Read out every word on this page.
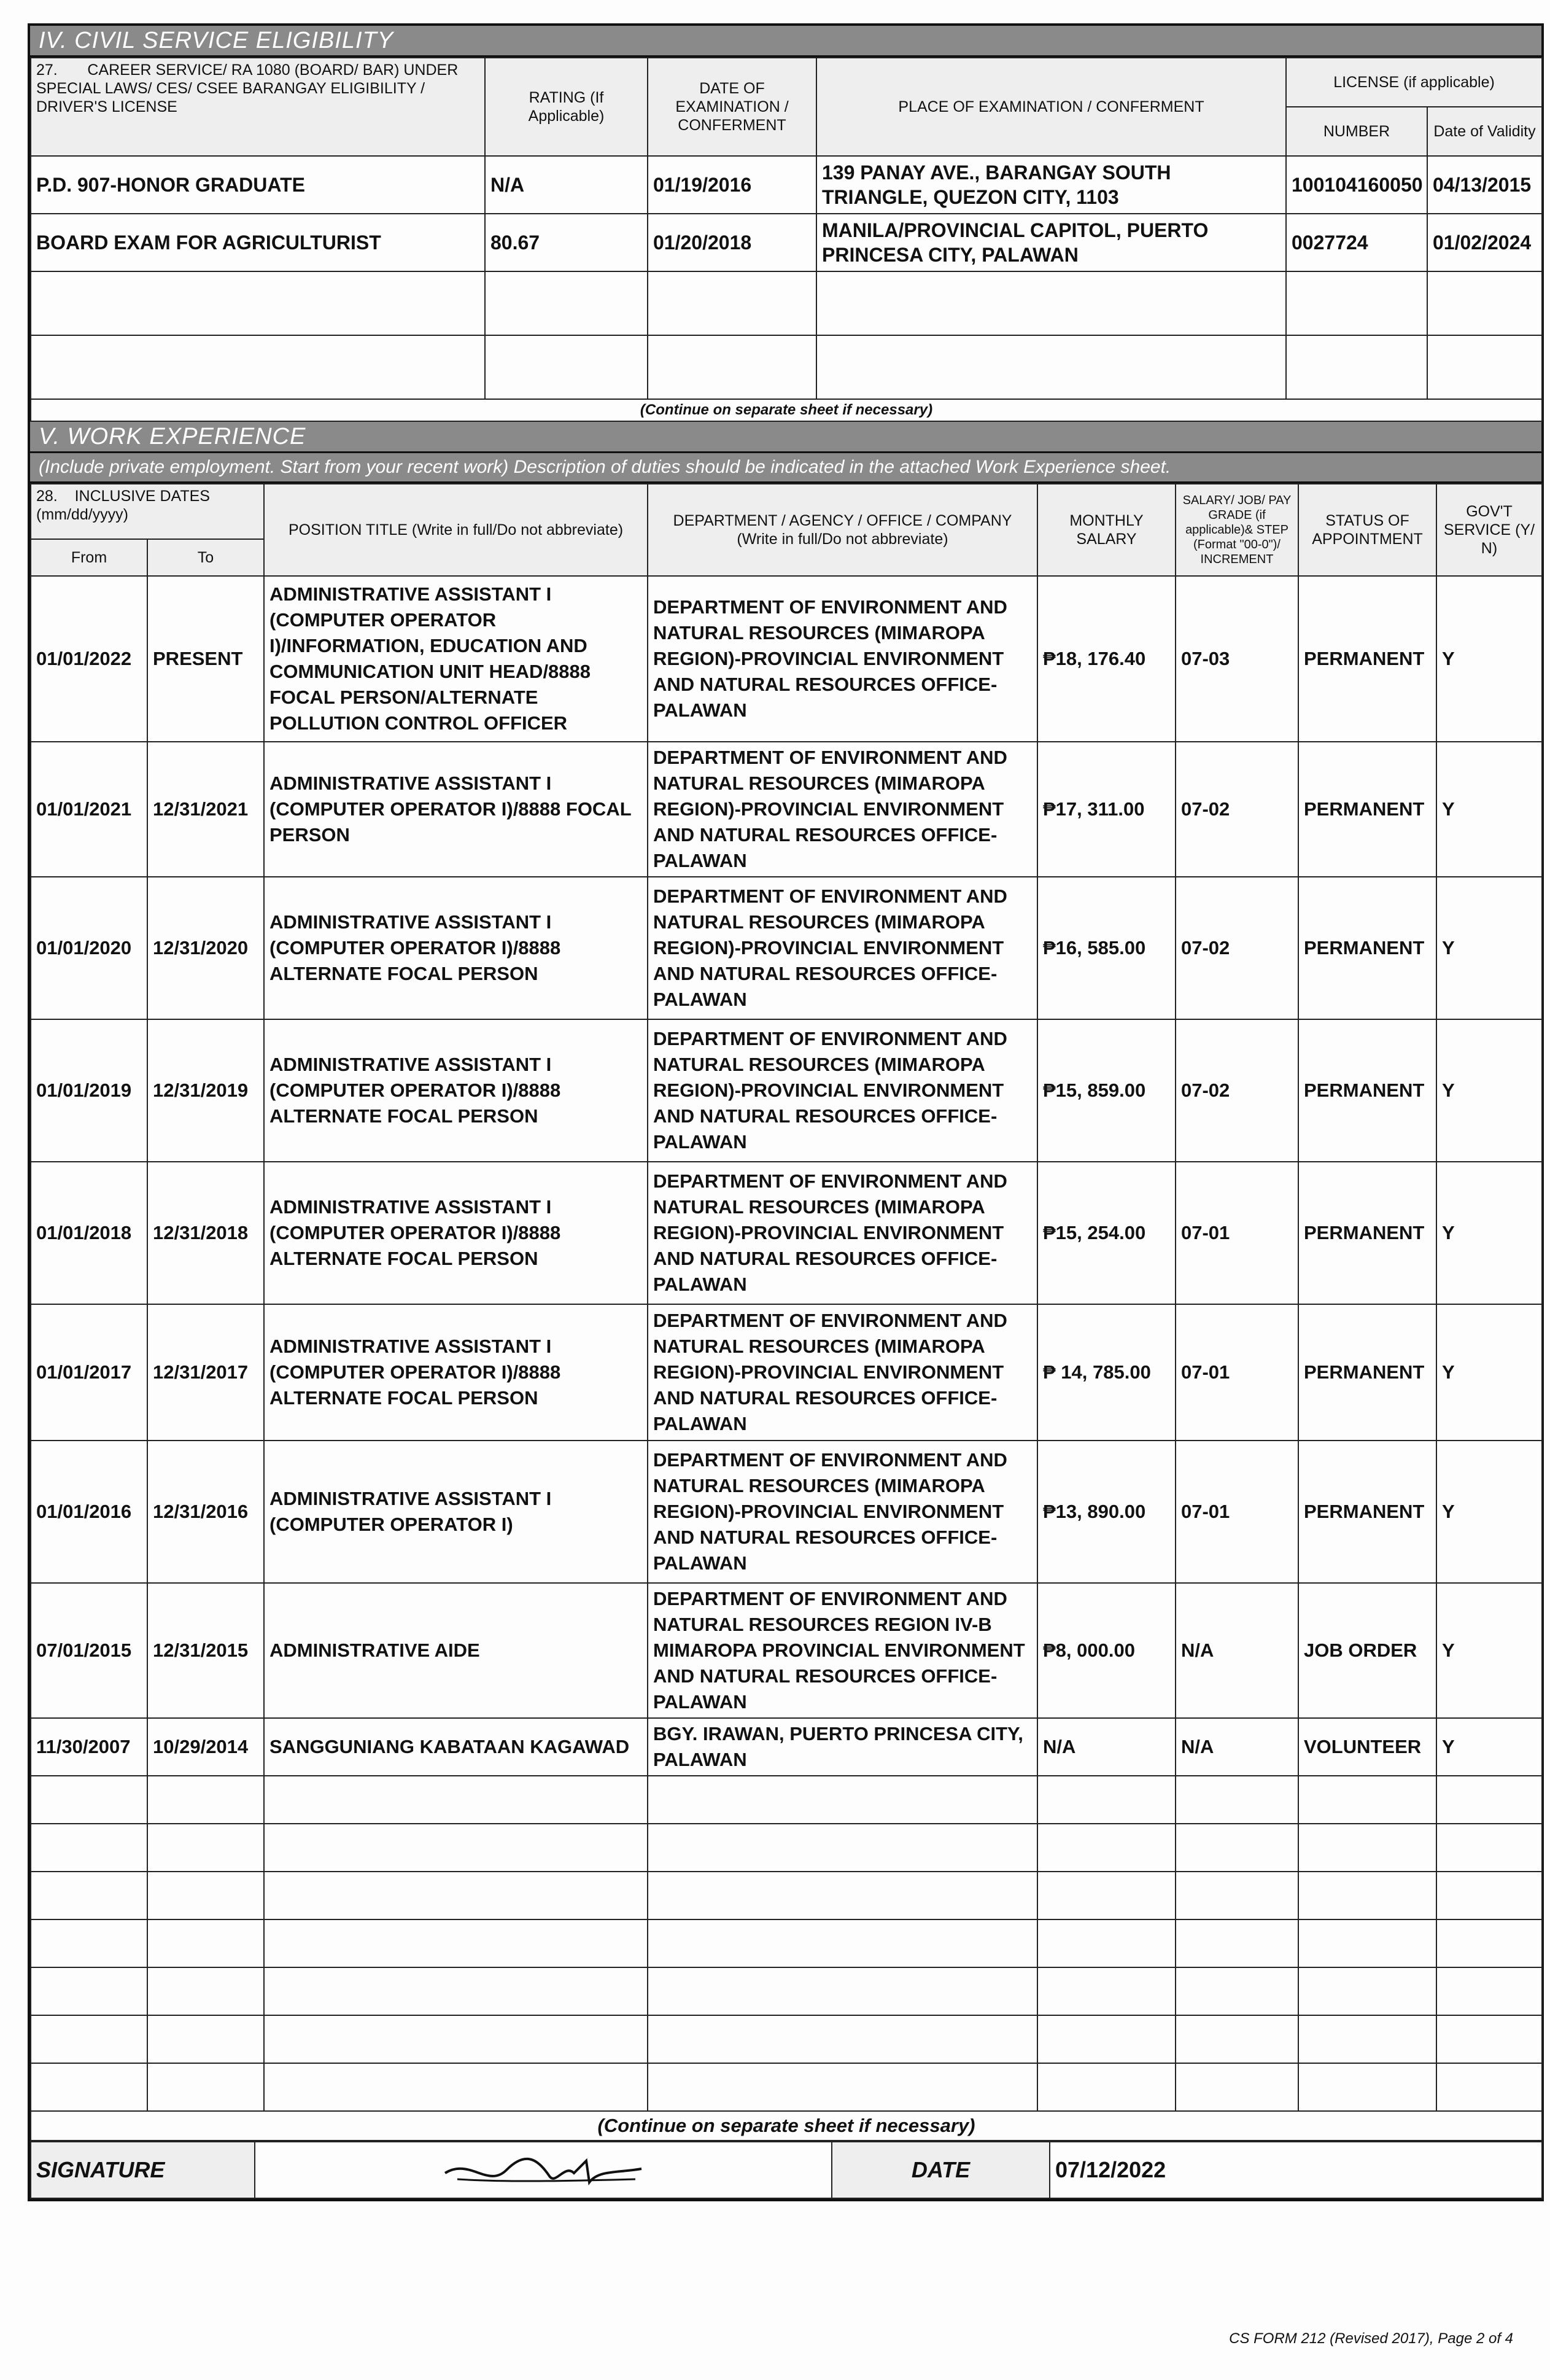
IV. CIVIL SERVICE ELIGIBILITY
27. CAREER SERVICE/ RA 1080 (BOARD/ BAR) UNDER SPECIAL LAWS/ CES/ CSEE BARANGAY ELIGIBILITY / DRIVER'S LICENSE	RATING (If Applicable)	DATE OF EXAMINATION / CONFERMENT	PLACE OF EXAMINATION / CONFERMENT	LICENSE (if applicable)	
				NUMBER	Date of Validity
P.D. 907-HONOR GRADUATE	N/A	01/19/2016	139 PANAY AVE., BARANGAY SOUTH TRIANGLE, QUEZON CITY, 1103	100104160050	04/13/2015
BOARD EXAM FOR AGRICULTURIST	80.67	01/20/2018	MANILA/PROVINCIAL CAPITOL, PUERTO PRINCESA CITY, PALAWAN	0027724	01/02/2024

(Continue on separate sheet if necessary)					
V. WORK EXPERIENCE
(Include private employment. Start from your recent work) Description of duties should be indicated in the attached Work Experience sheet.
28. INCLUSIVE DATES (mm/dd/yyyy)		POSITION TITLE (Write in full/Do not abbreviate)	DEPARTMENT / AGENCY / OFFICE / COMPANY (Write in full/Do not abbreviate)	MONTHLY SALARY	SALARY/ JOB/ PAY GRADE (if applicable)& STEP (Format "00-0")/ INCREMENT	STATUS OF APPOINTMENT	GOV'T SERVICE (Y/ N)
From	To						
01/01/2022	PRESENT	ADMINISTRATIVE ASSISTANT I (COMPUTER OPERATOR I)/INFORMATION, EDUCATION AND COMMUNICATION UNIT HEAD/8888 FOCAL PERSON/ALTERNATE POLLUTION CONTROL OFFICER	DEPARTMENT OF ENVIRONMENT AND NATURAL RESOURCES (MIMAROPA REGION)-PROVINCIAL ENVIRONMENT AND NATURAL RESOURCES OFFICE-PALAWAN	₱18, 176.40	07-03	PERMANENT	Y
01/01/2021	12/31/2021	ADMINISTRATIVE ASSISTANT I (COMPUTER OPERATOR I)/8888 FOCAL PERSON	DEPARTMENT OF ENVIRONMENT AND NATURAL RESOURCES (MIMAROPA REGION)-PROVINCIAL ENVIRONMENT AND NATURAL RESOURCES OFFICE-PALAWAN	₱17, 311.00	07-02	PERMANENT	Y
01/01/2020	12/31/2020	ADMINISTRATIVE ASSISTANT I (COMPUTER OPERATOR I)/8888 ALTERNATE FOCAL PERSON	DEPARTMENT OF ENVIRONMENT AND NATURAL RESOURCES (MIMAROPA REGION)-PROVINCIAL ENVIRONMENT AND NATURAL RESOURCES OFFICE-PALAWAN	₱16, 585.00	07-02	PERMANENT	Y
01/01/2019	12/31/2019	ADMINISTRATIVE ASSISTANT I (COMPUTER OPERATOR I)/8888 ALTERNATE FOCAL PERSON	DEPARTMENT OF ENVIRONMENT AND NATURAL RESOURCES (MIMAROPA REGION)-PROVINCIAL ENVIRONMENT AND NATURAL RESOURCES OFFICE-PALAWAN	₱15, 859.00	07-02	PERMANENT	Y
01/01/2018	12/31/2018	ADMINISTRATIVE ASSISTANT I (COMPUTER OPERATOR I)/8888 ALTERNATE FOCAL PERSON	DEPARTMENT OF ENVIRONMENT AND NATURAL RESOURCES (MIMAROPA REGION)-PROVINCIAL ENVIRONMENT AND NATURAL RESOURCES OFFICE-PALAWAN	₱15, 254.00	07-01	PERMANENT	Y
01/01/2017	12/31/2017	ADMINISTRATIVE ASSISTANT I (COMPUTER OPERATOR I)/8888 ALTERNATE FOCAL PERSON	DEPARTMENT OF ENVIRONMENT AND NATURAL RESOURCES (MIMAROPA REGION)-PROVINCIAL ENVIRONMENT AND NATURAL RESOURCES OFFICE-PALAWAN	₱ 14, 785.00	07-01	PERMANENT	Y
01/01/2016	12/31/2016	ADMINISTRATIVE ASSISTANT I (COMPUTER OPERATOR I)	DEPARTMENT OF ENVIRONMENT AND NATURAL RESOURCES (MIMAROPA REGION)-PROVINCIAL ENVIRONMENT AND NATURAL RESOURCES OFFICE-PALAWAN	₱13, 890.00	07-01	PERMANENT	Y
07/01/2015	12/31/2015	ADMINISTRATIVE AIDE	DEPARTMENT OF ENVIRONMENT AND NATURAL RESOURCES REGION IV-B MIMAROPA PROVINCIAL ENVIRONMENT AND NATURAL RESOURCES OFFICE-PALAWAN	₱8, 000.00	N/A	JOB ORDER	Y
11/30/2007	10/29/2014	SANGGUNIANG KABATAAN KAGAWAD	BGY. IRAWAN, PUERTO PRINCESA CITY, PALAWAN	N/A	N/A	VOLUNTEER	Y

(Continue on separate sheet if necessary)							
SIGNATURE		DATE	07/12/2022
CS FORM 212 (Revised 2017), Page 2 of 4
